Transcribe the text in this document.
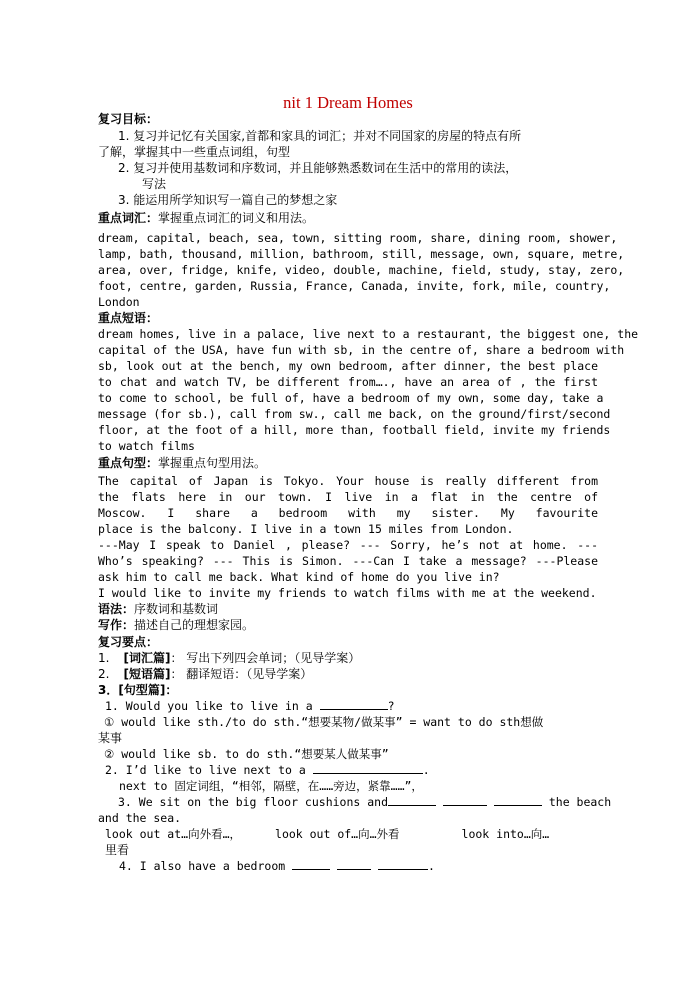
nit 1 Dream Homes
复习目标：
1. 复习并记忆有关国家,首都和家具的词汇；并对不同国家的房屋的特点有所
了解，掌握其中一些重点词组，句型
2. 复习并使用基数词和序数词，并且能够熟悉数词在生活中的常用的读法，
写法
3. 能运用所学知识写一篇自己的梦想之家
重点词汇：掌握重点词汇的词义和用法。
dream, capital, beach, sea, town, sitting room, share, dining room, shower,
lamp, bath, thousand, million, bathroom, still, message, own, square, metre,
area, over, fridge, knife, video, double, machine, field, study, stay, zero,
foot, centre, garden, Russia, France, Canada, invite, fork, mile, country,
London
重点短语：
dream homes, live in a palace, live next to a restaurant, the biggest one, the
capital of the USA, have fun with sb, in the centre of, share a bedroom with
sb, look out at the bench, my own bedroom, after dinner, the best place
to chat and watch TV, be different from…., have an area of , the first
to come to school, be full of, have a bedroom of my own, some day, take a
message (for sb.), call from sw., call me back, on the ground/first/second
floor, at the foot of a hill, more than, football field, invite my friends
to watch films
重点句型：掌握重点句型用法。
The capital of Japan is Tokyo. Your house is really different from
the flats here in our town. I live in a flat in the centre of
Moscow. I share a bedroom with my sister. My favourite
place is the balcony. I live in a town 15 miles from London.
---May I speak to Daniel , please? --- Sorry, he’s not at home. ---
Who’s speaking? --- This is Simon. ---Can I take a message? ---Please
ask him to call me back. What kind of home do you live in?
I would like to invite my friends to watch films with me at the weekend.
语法：序数词和基数词
写作：描述自己的理想家园。
复习要点：
1. [词汇篇]： 写出下列四会单词；（见导学案）
2. [短语篇]： 翻译短语：（见导学案）
3．[句型篇]：
1. Would you like to live in a	?
① would like sth./to do sth.“想要某物/做某事” = want to do sth想做
某事
② would like sb. to do sth.“想要某人做某事”
2. I’d like to live next to a	.
next to 固定词组，“相邻，隔壁，在……旁边，紧靠……”，
3. We sit on the big floor cushions and	the beach
and the sea.
look out at…向外看…，	look out of…向…外看	look into…向…
里看
4. I also have a bedroom	.
